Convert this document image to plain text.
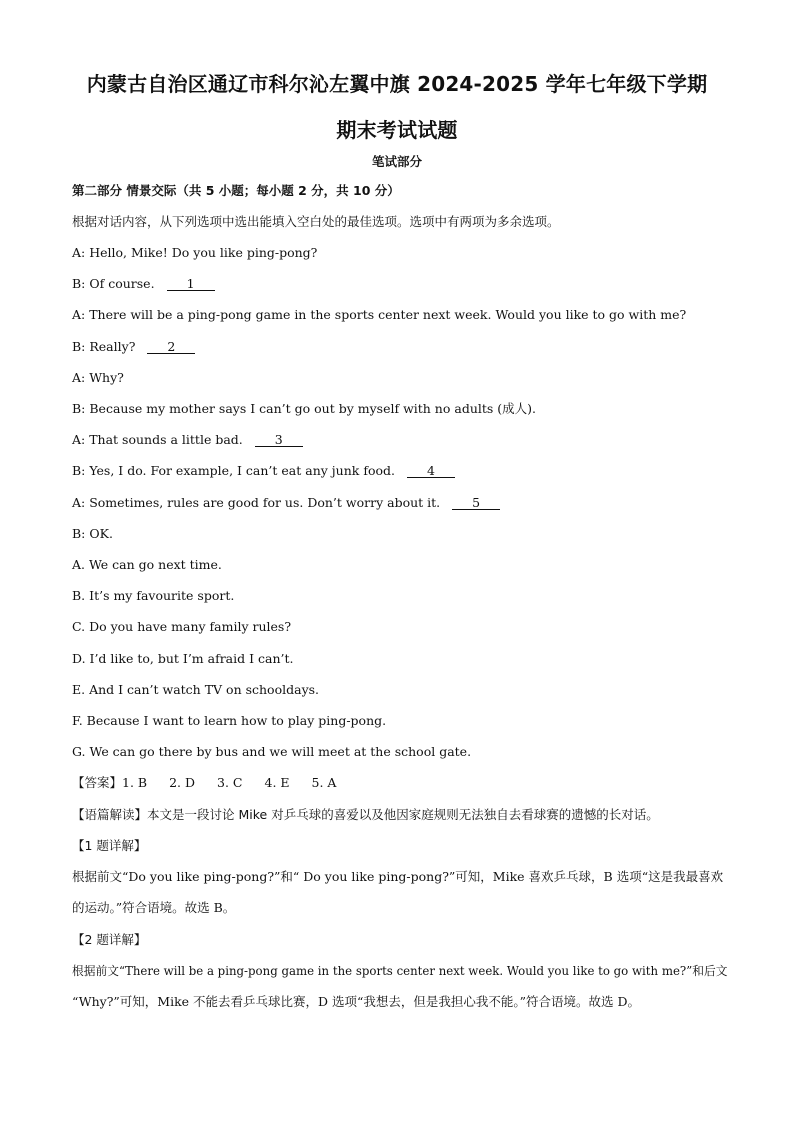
内蒙古自治区通辽市科尔沁左翼中旗 2024-2025 学年七年级下学期
期末考试试题
笔试部分
第二部分 情景交际（共 5 小题；每小题 2 分，共 10 分）
根据对话内容，从下列选项中选出能填入空白处的最佳选项。选项中有两项为多余选项。
A: Hello, Mike! Do you like ping-pong?
B: Of course.	1
A: There will be a ping-pong game in the sports center next week. Would you like to go with me?
B: Really?	2
A: Why?
B: Because my mother says I can’t go out by myself with no adults (成人).
A: That sounds a little bad.	3
B: Yes, I do. For example, I can’t eat any junk food.	4
A: Sometimes, rules are good for us. Don’t worry about it.	5
B: OK.
A. We can go next time.
B. It’s my favourite sport.
C. Do you have many family rules?
D. I’d like to, but I’m afraid I can’t.
E. And I can’t watch TV on schooldays.
F. Because I want to learn how to play ping-pong.
G. We can go there by bus and we will meet at the school gate.
【答案】1. B 2. D 3. C 4. E 5. A
【语篇解读】本文是一段讨论 Mike 对乒乓球的喜爱以及他因家庭规则无法独自去看球赛的遗憾的长对话。
【1 题详解】
根据前文“Do you like ping-pong?”和“ Do you like ping-pong?”可知，Mike 喜欢乒乓球，B 选项“这是我最喜欢
的运动。”符合语境。故选 B。
【2 题详解】
根据前文“There will be a ping-pong game in the sports center next week. Would you like to go with me?”和后文
“Why?”可知，Mike 不能去看乒乓球比赛，D 选项“我想去，但是我担心我不能。”符合语境。故选 D。
